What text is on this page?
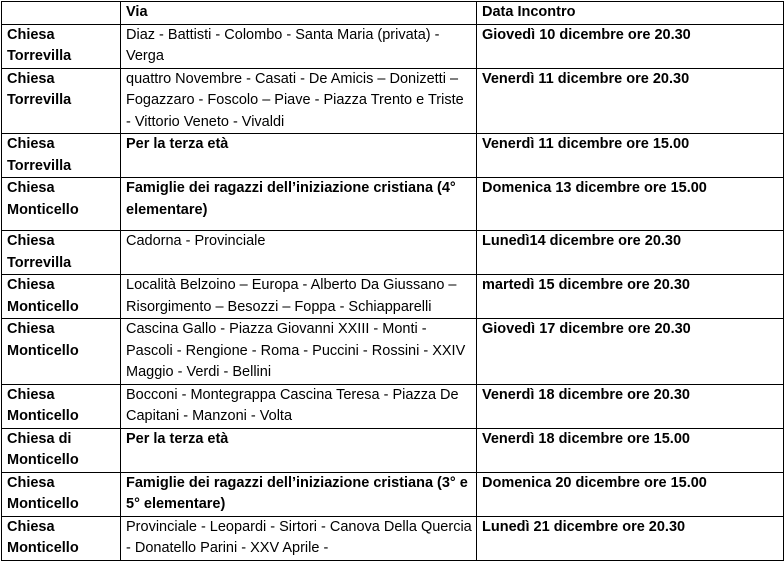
	Via	Data Incontro
Chiesa Torrevilla	Diaz - Battisti - Colombo - Santa Maria (privata) - Verga	Giovedì 10 dicembre ore 20.30
Chiesa Torrevilla	quattro Novembre - Casati - De Amicis – Donizetti – Fogazzaro - Foscolo – Piave - Piazza Trento e Triste - Vittorio Veneto - Vivaldi	Venerdì 11 dicembre ore 20.30
Chiesa Torrevilla	Per la terza età	Venerdì 11 dicembre ore 15.00
Chiesa Monticello	Famiglie dei ragazzi dell’iniziazione cristiana (4° elementare)	Domenica 13 dicembre ore 15.00
Chiesa Torrevilla	Cadorna - Provinciale	Lunedì14 dicembre ore 20.30
Chiesa Monticello	Località Belzoino – Europa - Alberto Da Giussano – Risorgimento – Besozzi – Foppa - Schiapparelli	martedì 15 dicembre ore 20.30
Chiesa Monticello	Cascina Gallo - Piazza Giovanni XXIII - Monti - Pascoli - Rengione - Roma - Puccini - Rossini - XXIV Maggio - Verdi - Bellini	Giovedì 17 dicembre ore 20.30
Chiesa Monticello	Bocconi - Montegrappa Cascina Teresa - Piazza De Capitani - Manzoni - Volta	Venerdì 18 dicembre ore 20.30
Chiesa di Monticello	Per la terza età	Venerdì 18 dicembre ore 15.00
Chiesa Monticello	Famiglie dei ragazzi dell’iniziazione cristiana (3° e 5° elementare)	Domenica 20 dicembre ore 15.00
Chiesa Monticello	Provinciale - Leopardi - Sirtori - Canova Della Quercia - Donatello Parini - XXV Aprile -	Lunedì 21 dicembre ore 20.30
